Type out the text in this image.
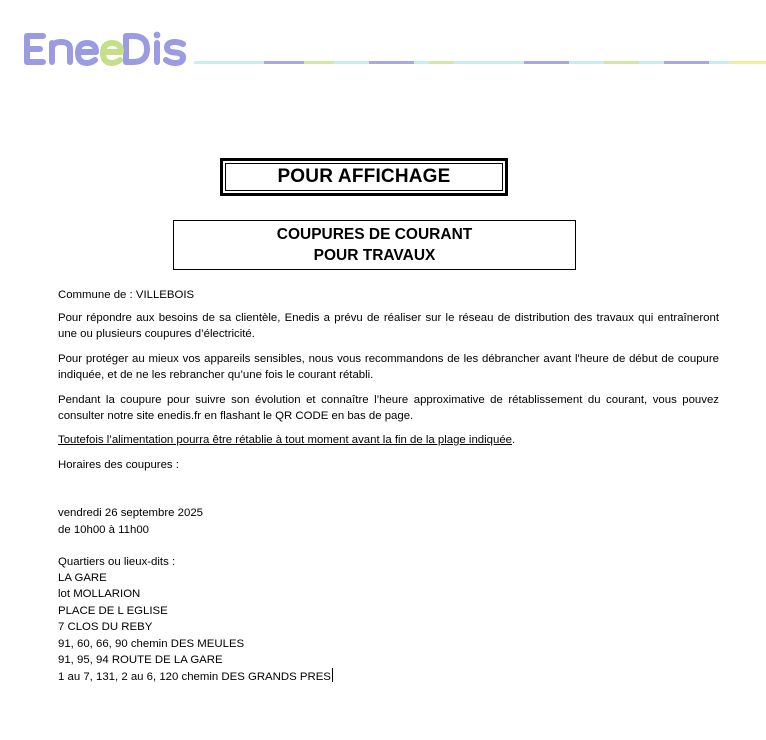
POUR AFFICHAGE
COUPURES DE COURANT
POUR TRAVAUX
Commune de : VILLEBOIS
Pour répondre aux besoins de sa clientèle, Enedis a prévu de réaliser sur le réseau de distribution des travaux qui entraîneront une ou plusieurs coupures d’électricité.
Pour protéger au mieux vos appareils sensibles, nous vous recommandons de les débrancher avant l'heure de début de coupure indiquée, et de ne les rebrancher qu’une fois le courant rétabli.
Pendant la coupure pour suivre son évolution et connaître l’heure approximative de rétablissement du courant, vous pouvez consulter notre site enedis.fr en flashant le QR CODE en bas de page.
Toutefois l’alimentation pourra être rétablie à tout moment avant la fin de la plage indiquée.
Horaires des coupures :
vendredi 26 septembre 2025
de 10h00 à 11h00
Quartiers ou lieux-dits :
LA GARE
lot MOLLARION
PLACE DE L EGLISE
7 CLOS DU REBY
91, 60, 66, 90 chemin DES MEULES
91, 95, 94 ROUTE DE LA GARE
1 au 7, 131, 2 au 6, 120 chemin DES GRANDS PRES
